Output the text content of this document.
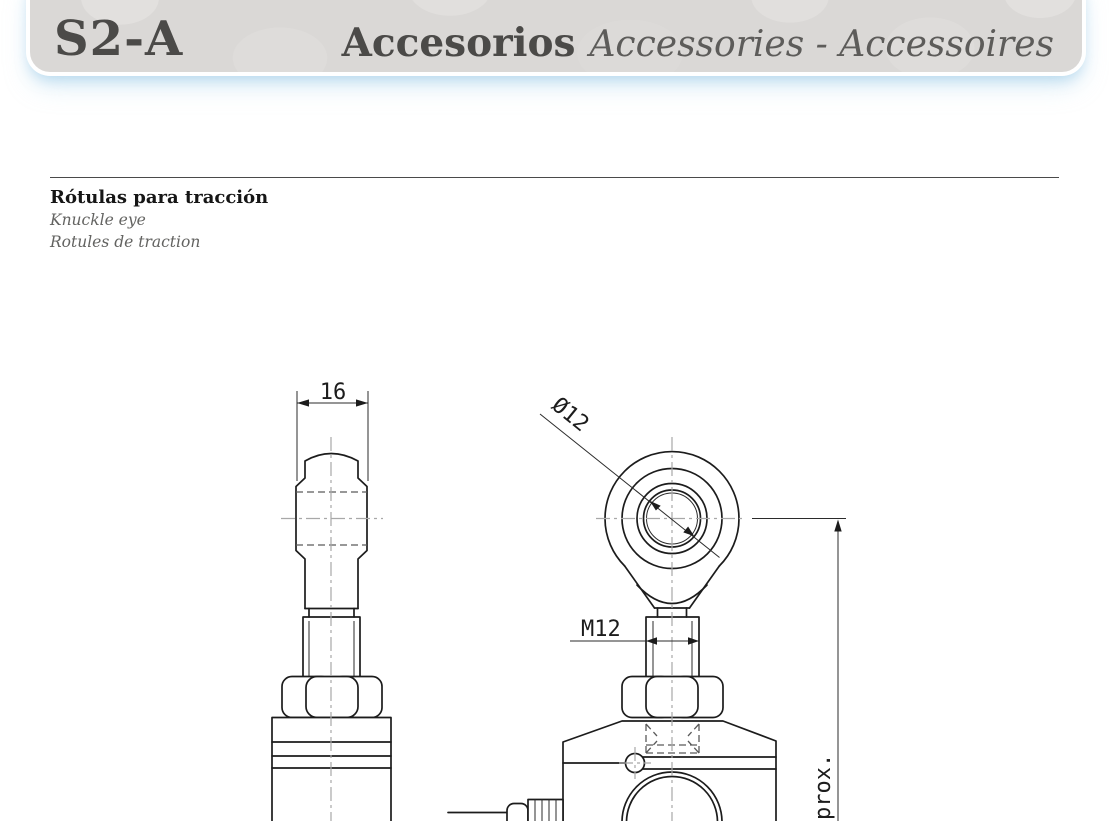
S2-A	Accesorios Accessories - Accessoires

Rótulas para tracción

Knuckle eye

Rotules de traction

16
Ø12
M12
prox.
